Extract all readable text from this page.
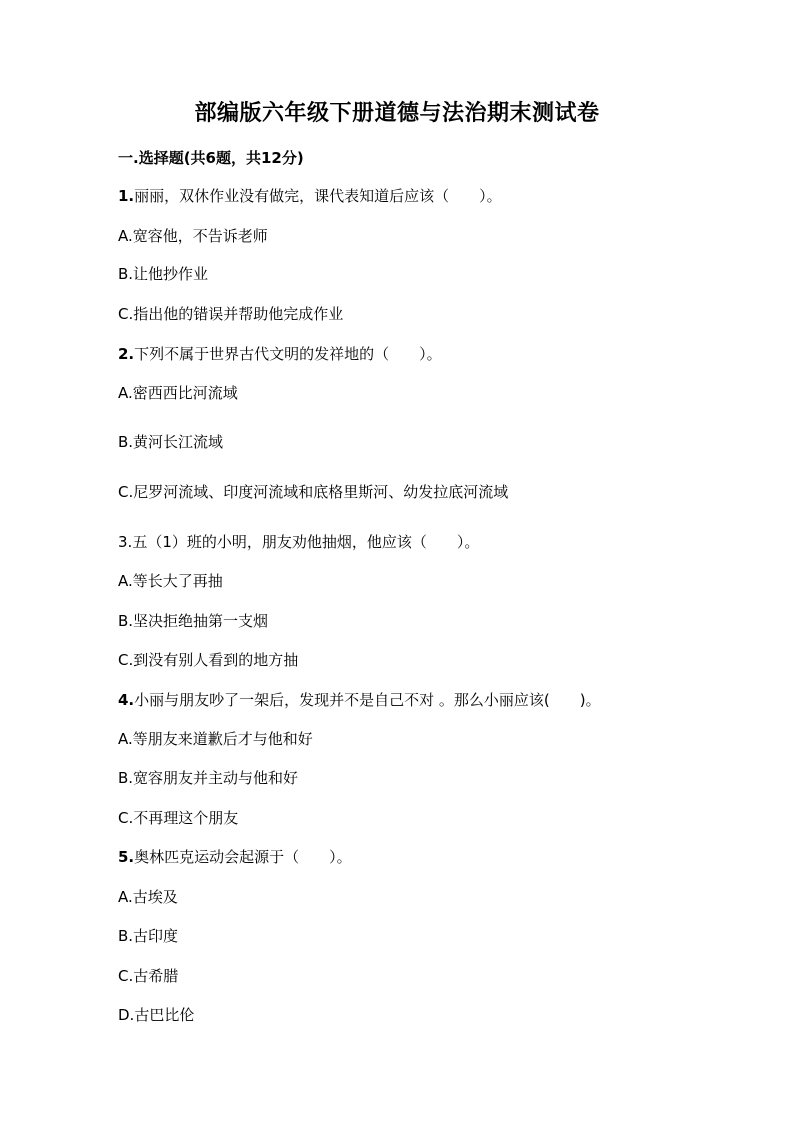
部编版六年级下册道德与法治期末测试卷
一.选择题(共6题，共12分)
1.丽丽，双休作业没有做完，课代表知道后应该（　　）。
A.宽容他，不告诉老师
B.让他抄作业
C.指出他的错误并帮助他完成作业
2.下列不属于世界古代文明的发祥地的（　　）。
A.密西西比河流域
B.黄河长江流域
C.尼罗河流域、印度河流域和底格里斯河、幼发拉底河流域
3.五（1）班的小明，朋友劝他抽烟，他应该（　　）。
A.等长大了再抽
B.坚决拒绝抽第一支烟
C.到没有别人看到的地方抽
4.小丽与朋友吵了一架后，发现并不是自己不对 。那么小丽应该(　　)。
A.等朋友来道歉后才与他和好
B.宽容朋友并主动与他和好
C.不再理这个朋友
5.奥林匹克运动会起源于（　　）。
A.古埃及
B.古印度
C.古希腊
D.古巴比伦
